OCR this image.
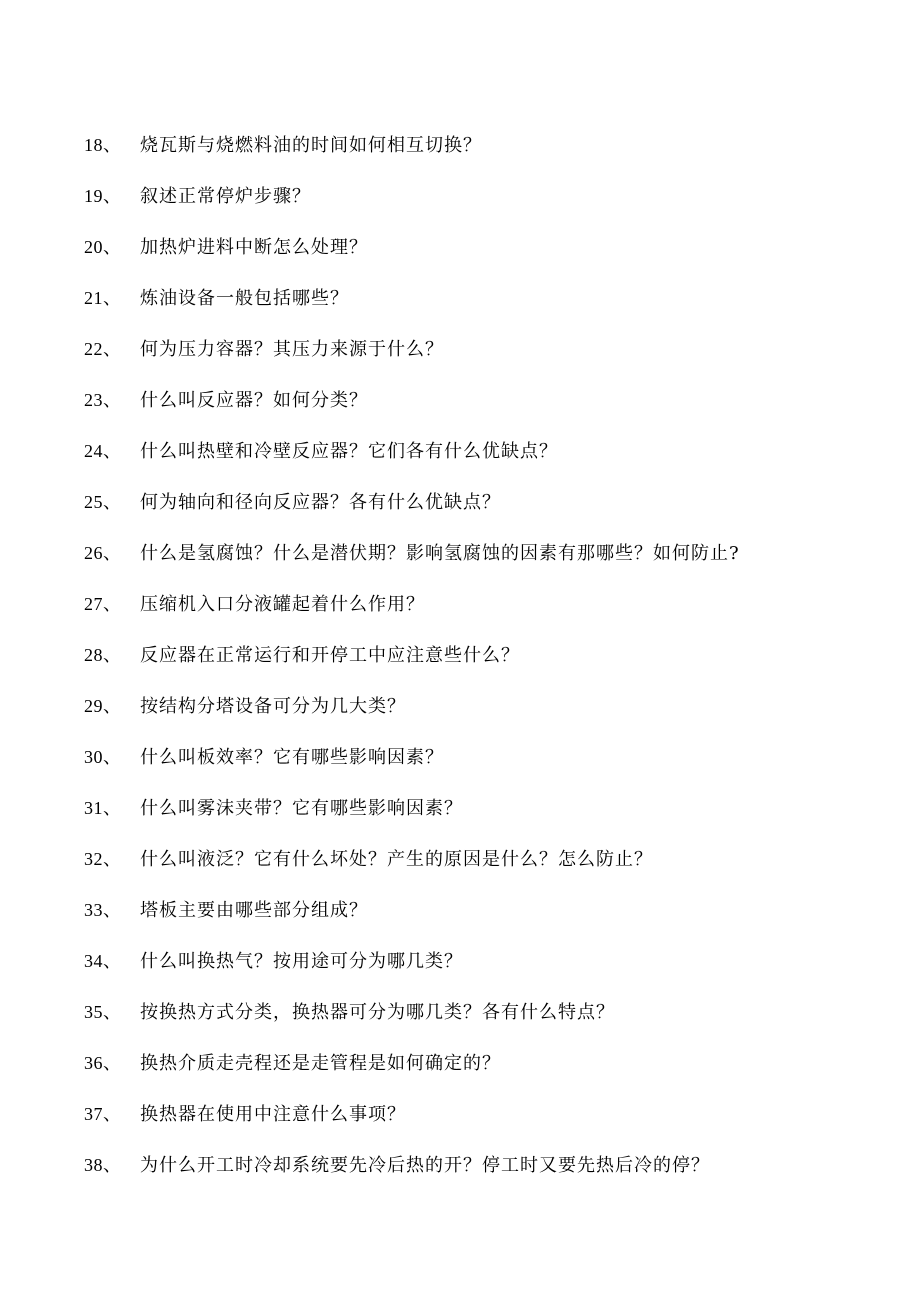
18、	烧瓦斯与烧燃料油的时间如何相互切换？
19、	叙述正常停炉步骤？
20、	加热炉进料中断怎么处理？
21、	炼油设备一般包括哪些？
22、	何为压力容器？其压力来源于什么？
23、	什么叫反应器？如何分类？
24、	什么叫热壁和冷壁反应器？它们各有什么优缺点？
25、	何为轴向和径向反应器？各有什么优缺点？
26、	什么是氢腐蚀？什么是潜伏期？影响氢腐蚀的因素有那哪些？如何防止?
27、	压缩机入口分液罐起着什么作用？
28、	反应器在正常运行和开停工中应注意些什么？
29、	按结构分塔设备可分为几大类？
30、	什么叫板效率？它有哪些影响因素？
31、	什么叫雾沫夹带？它有哪些影响因素？
32、	什么叫液泛？它有什么坏处？产生的原因是什么？怎么防止？
33、	塔板主要由哪些部分组成？
34、	什么叫换热气？按用途可分为哪几类？
35、	按换热方式分类，换热器可分为哪几类？各有什么特点？
36、	换热介质走壳程还是走管程是如何确定的？
37、	换热器在使用中注意什么事项？
38、	为什么开工时冷却系统要先冷后热的开？停工时又要先热后冷的停？
